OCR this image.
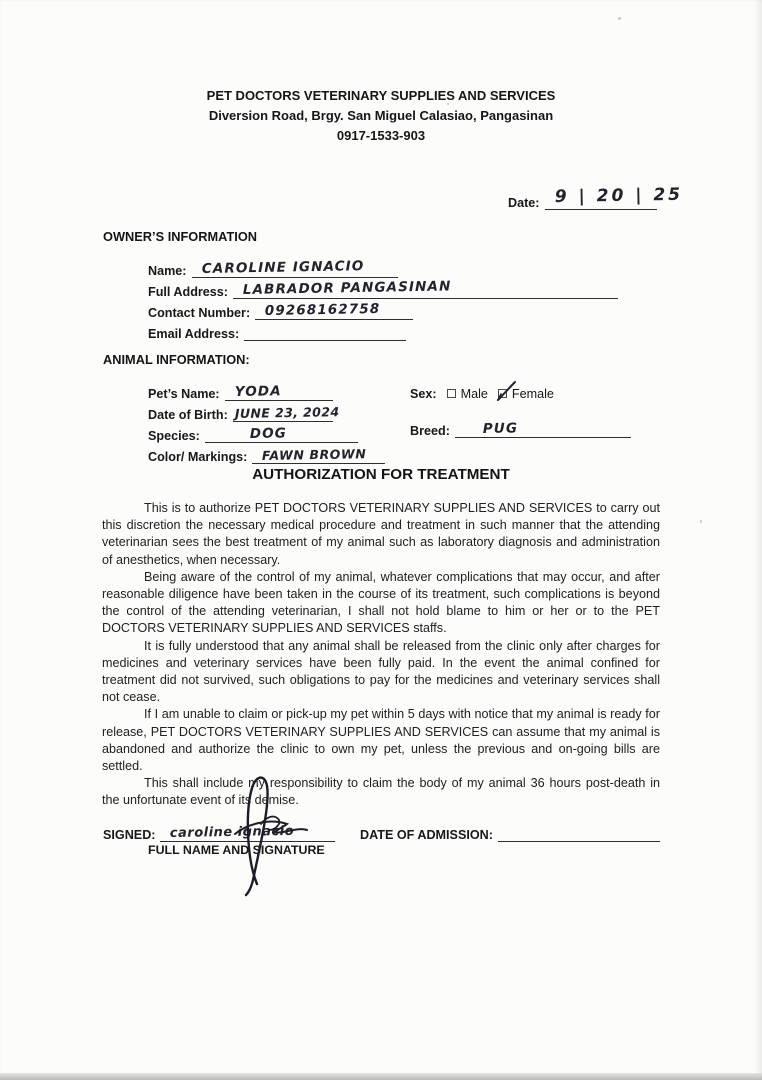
PET DOCTORS VETERINARY SUPPLIES AND SERVICES
Diversion Road, Brgy. San Miguel Calasiao, Pangasinan
0917-1533-903
Date: 9 | 20 | 25
OWNER’S INFORMATION
Name: CAROLINE IGNACIO
Full Address: LABRADOR PANGASINAN
Contact Number: 09268162758
Email Address:
ANIMAL INFORMATION:
Pet’s Name: YODA
Date of Birth: JUNE 23, 2024
Species:	DOG
Color/ Markings: FAWN BROWN
Sex: Male Female
Breed: PUG
AUTHORIZATION FOR TREATMENT

This is to authorize PET DOCTORS VETERINARY SUPPLIES AND SERVICES to carry out this discretion the necessary medical procedure and treatment in such manner that the attending veterinarian sees the best treatment of my animal such as laboratory diagnosis and administration of anesthetics, when necessary.

Being aware of the control of my animal, whatever complications that may occur, and after reasonable diligence have been taken in the course of its treatment, such complications is beyond the control of the attending veterinarian, I shall not hold blame to him or her or to the PET DOCTORS VETERINARY SUPPLIES AND SERVICES staffs.

It is fully understood that any animal shall be released from the clinic only after charges for medicines and veterinary services have been fully paid. In the event the animal confined for treatment did not survived, such obligations to pay for the medicines and veterinary services shall not cease.

If I am unable to claim or pick-up my pet within 5 days with notice that my animal is ready for release, PET DOCTORS VETERINARY SUPPLIES AND SERVICES can assume that my animal is abandoned and authorize the clinic to own my pet, unless the previous and on-going bills are settled.

This shall include my responsibility to claim the body of my animal 36 hours post-death in the unfortunate event of its demise.

SIGNED: caroline ignacio
FULL NAME AND SIGNATURE
DATE OF ADMISSION:
